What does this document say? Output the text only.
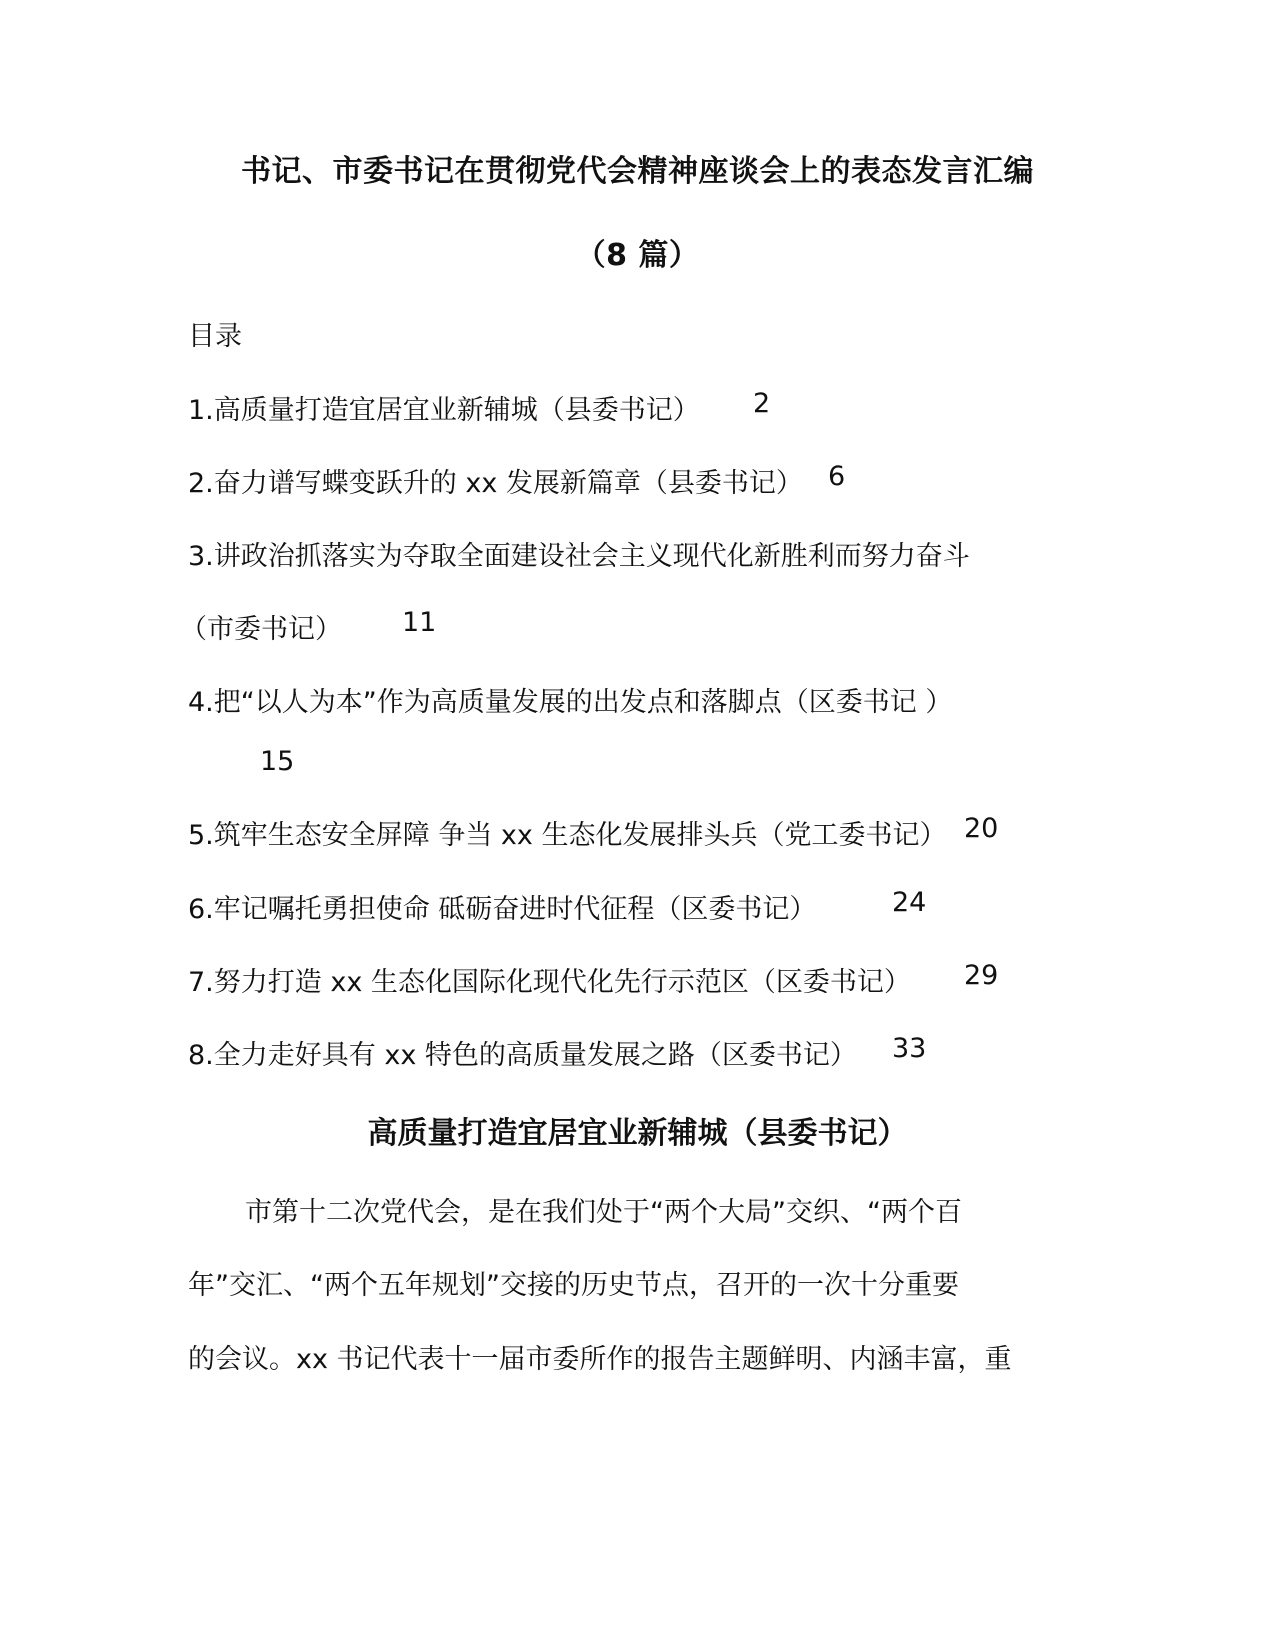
书记、市委书记在贯彻党代会精神座谈会上的表态发言汇编
（8 篇）
目录
1.高质量打造宜居宜业新辅城（县委书记） 2
2.奋力谱写蝶变跃升的 xx 发展新篇章（县委书记） 6
3.讲政治抓落实为夺取全面建设社会主义现代化新胜利而努力奋斗
（市委书记） 11
4.把“以人为本”作为高质量发展的出发点和落脚点（区委书记 ）
15
5.筑牢生态安全屏障 争当 xx 生态化发展排头兵（党工委书记） 20
6.牢记嘱托勇担使命 砥砺奋进时代征程（区委书记）	24
7.努力打造 xx 生态化国际化现代化先行示范区（区委书记） 29
8.全力走好具有 xx 特色的高质量发展之路（区委书记） 33
高质量打造宜居宜业新辅城（县委书记）
市第十二次党代会，是在我们处于“两个大局”交织、“两个百
年”交汇、“两个五年规划”交接的历史节点，召开的一次十分重要
的会议。xx 书记代表十一届市委所作的报告主题鲜明、内涵丰富，重
